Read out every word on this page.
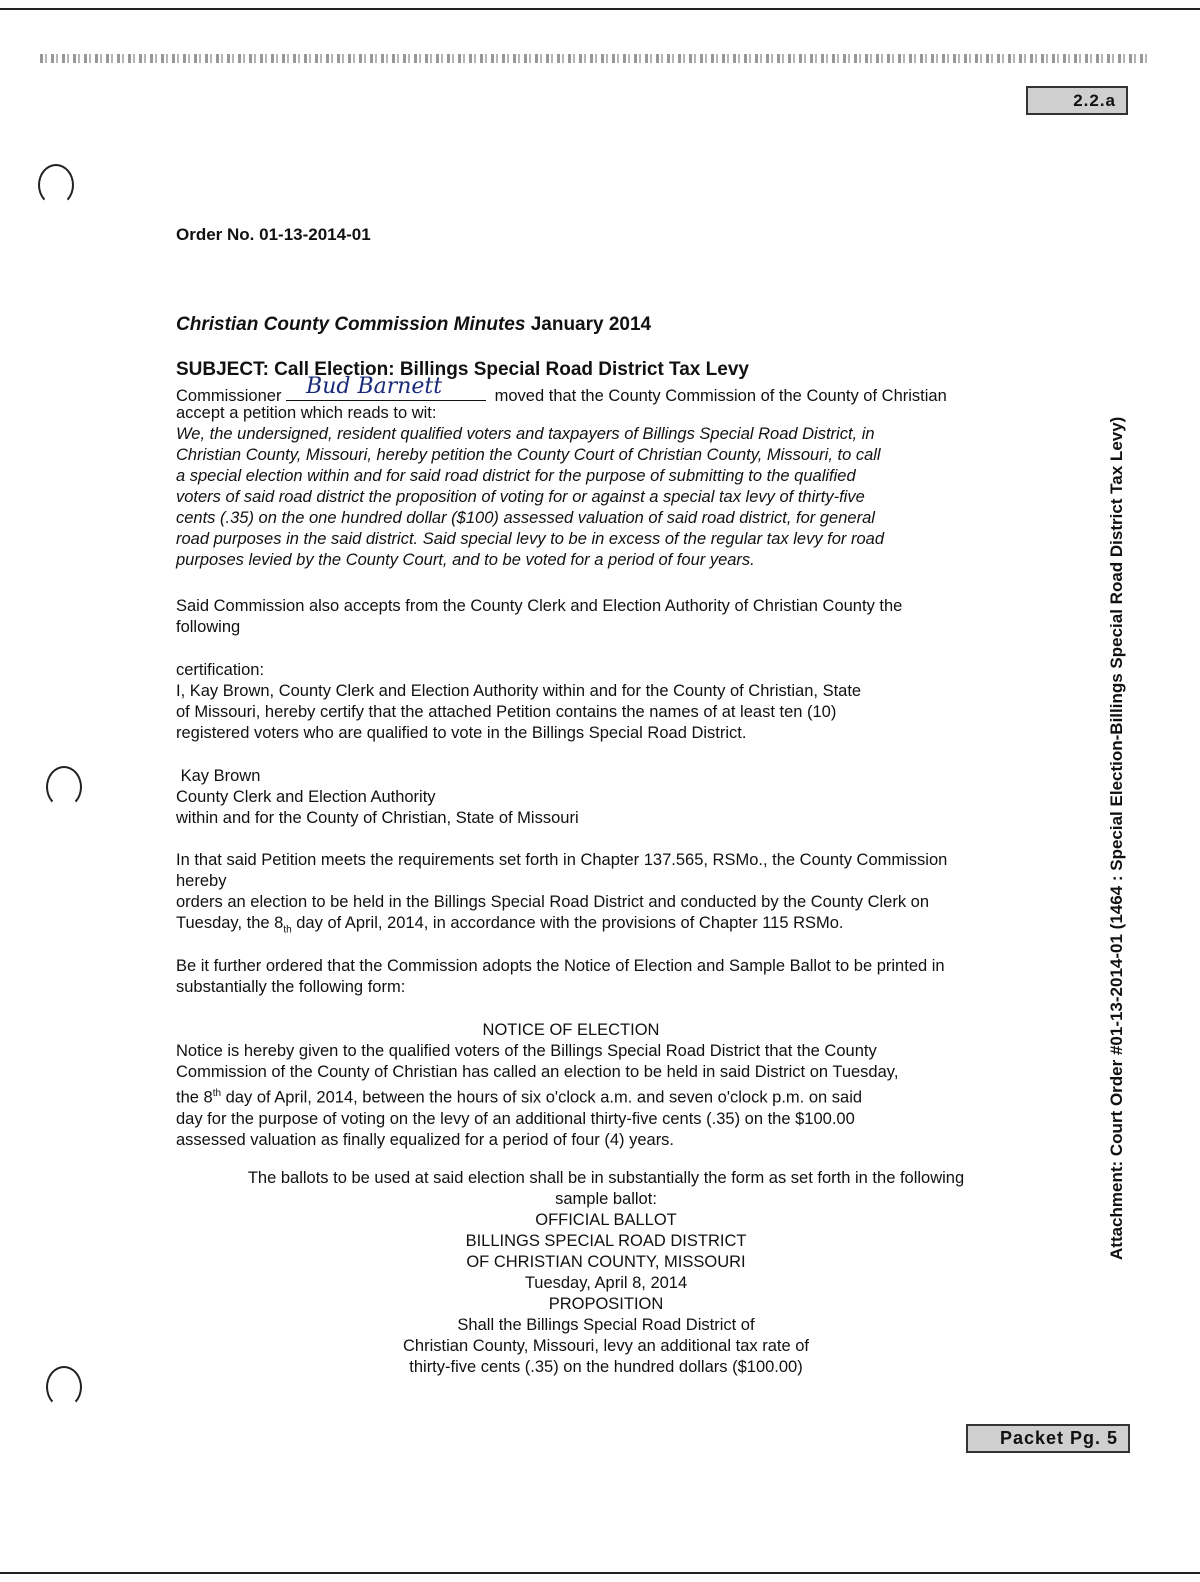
2.2.a
Order No. 01-13-2014-01
Christian County Commission Minutes January 2014
SUBJECT: Call Election: Billings Special Road District Tax Levy
Commissioner Bud Barnett	moved that the County Commission of the County of Christian
accept a petition which reads to wit:

We, the undersigned, resident qualified voters and taxpayers of Billings Special Road District, in

Christian County, Missouri, hereby petition the County Court of Christian County, Missouri, to call

a special election within and for said road district for the purpose of submitting to the qualified

voters of said road district the proposition of voting for or against a special tax levy of thirty-five

cents (.35) on the one hundred dollar ($100) assessed valuation of said road district, for general

road purposes in the said district. Said special levy to be in excess of the regular tax levy for road

purposes levied by the County Court, and to be voted for a period of four years.

Said Commission also accepts from the County Clerk and Election Authority of Christian County the

following

certification:

I, Kay Brown, County Clerk and Election Authority within and for the County of Christian, State

of Missouri, hereby certify that the attached Petition contains the names of at least ten (10)

registered voters who are qualified to vote in the Billings Special Road District.

Kay Brown

County Clerk and Election Authority

within and for the County of Christian, State of Missouri

In that said Petition meets the requirements set forth in Chapter 137.565, RSMo., the County Commission

hereby

orders an election to be held in the Billings Special Road District and conducted by the County Clerk on

Tuesday, the $8_{th}$ day of April, 2014, in accordance with the provisions of Chapter 115 RSMo.

Be it further ordered that the Commission adopts the Notice of Election and Sample Ballot to be printed in

substantially the following form:

NOTICE OF ELECTION

Notice is hereby given to the qualified voters of the Billings Special Road District that the County

Commission of the County of Christian has called an election to be held in said District on Tuesday,

the 8th day of April, 2014, between the hours of six o'clock a.m. and seven o'clock p.m. on said

day for the purpose of voting on the levy of an additional thirty-five cents (.35) on the $100.00

assessed valuation as finally equalized for a period of four (4) years.

The ballots to be used at said election shall be in substantially the form as set forth in the following

sample ballot:

OFFICIAL BALLOT

BILLINGS SPECIAL ROAD DISTRICT

OF CHRISTIAN COUNTY, MISSOURI

Tuesday, April 8, 2014

PROPOSITION

Shall the Billings Special Road District of

Christian County, Missouri, levy an additional tax rate of

thirty-five cents (.35) on the hundred dollars ($100.00)

Attachment: Court Order #01-13-2014-01 (1464 : Special Election-Billings Special Road District Tax Levy)
Packet Pg. 5
